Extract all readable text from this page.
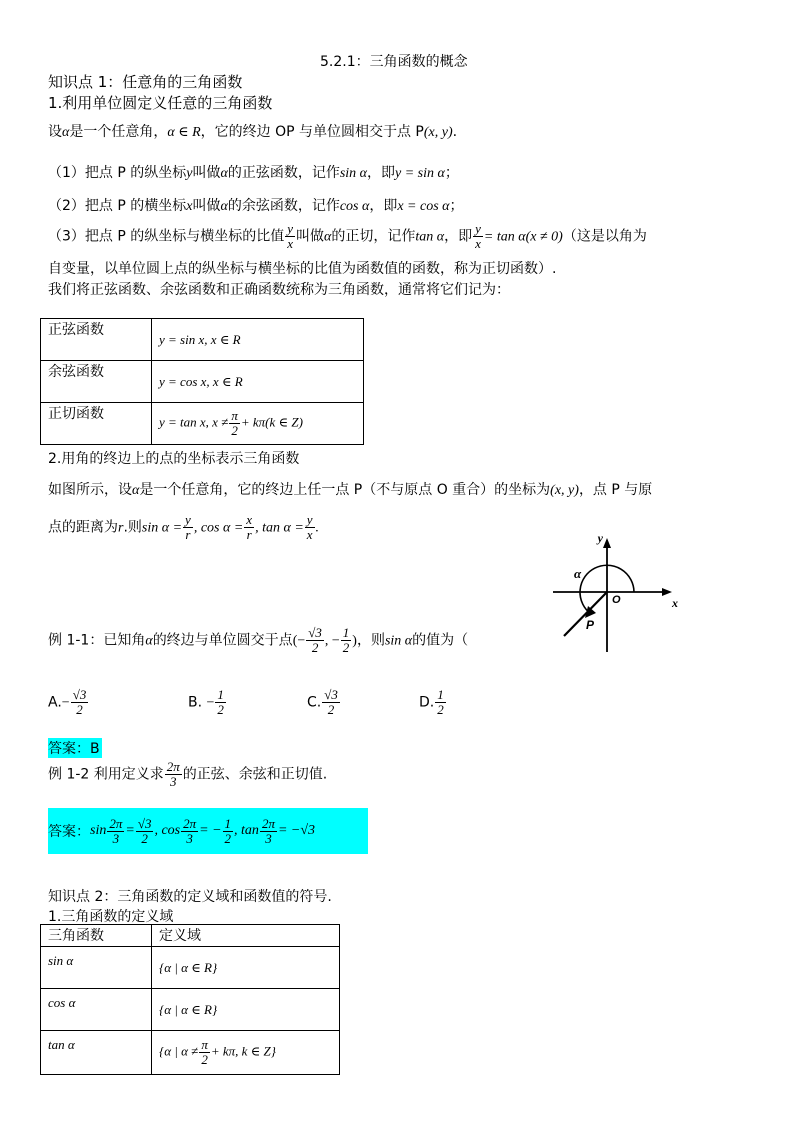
5.2.1：三角函数的概念
知识点 1：任意角的三角函数
1.利用单位圆定义任意的三角函数
设α是一个任意角，α ∈ R，它的终边 OP 与单位圆相交于点 P(x, y).
（1）把点 P 的纵坐标y叫做α的正弦函数，记作sin α，即y = sin α；
（2）把点 P 的横坐标x叫做α的余弦函数，记作cos α，即x = cos α；
（3）把点 P 的纵坐标与横坐标的比值 $\frac{y}{x}$ 叫做α的正切，记作tan α，即 $\frac{y}{x} = \tan \alpha(x \ne 0)$（这是以角为
自变量，以单位圆上点的纵坐标与横坐标的比值为函数值的函数，称为正切函数）.
我们将正弦函数、余弦函数和正确函数统称为三角函数，通常将它们记为：
正弦函数	y = sin x, x ∈ R
余弦函数	y = cos x, x ∈ R
正切函数	y = tan x, $x \ne \frac{\pi}{2} + k\pi(k$ ∈ Z)
2.用角的终边上的点的坐标表示三角函数
如图所示，设α是一个任意角，它的终边上任一点 P（不与原点 O 重合）的坐标为(x, y)，点 P 与原
点的距离为r.则$\sin \alpha = \frac{y}{r}$ , $\cos \alpha = \frac{x}{r}$ , $\tan \alpha = \frac{y}{x}$ .
y
x
O
α
P
例 1-1：已知角α的终边与单位圆交于点(− $\frac{√3}{2}$ , − $\frac{1}{2}$ )，则sin α的值为（
$A.- \frac{√3}{2}$	B. − $\frac{1}{2}$	C. $\frac{√3}{2}$	D. $\frac{1}{2}$
答案：B
例 1-2 利用定义求 $\frac{2\pi}{3}$ 的正弦、余弦和正切值.
答案： $\sin \frac{2\pi}{3} = \frac{√3}{2}$ , $\cos \frac{2\pi}{3}$ = − $\frac{1}{2}$ , $\tan \frac{2\pi}{3} = -√3$
知识点 2：三角函数的定义域和函数值的符号.
1.三角函数的定义域
三角函数	定义域
sin α	{α | α ∈ R}
cos α	{α | α ∈ R}
tan α	{α | $\alpha \ne \frac{\pi}{2} + k\pi$, k ∈ Z}
